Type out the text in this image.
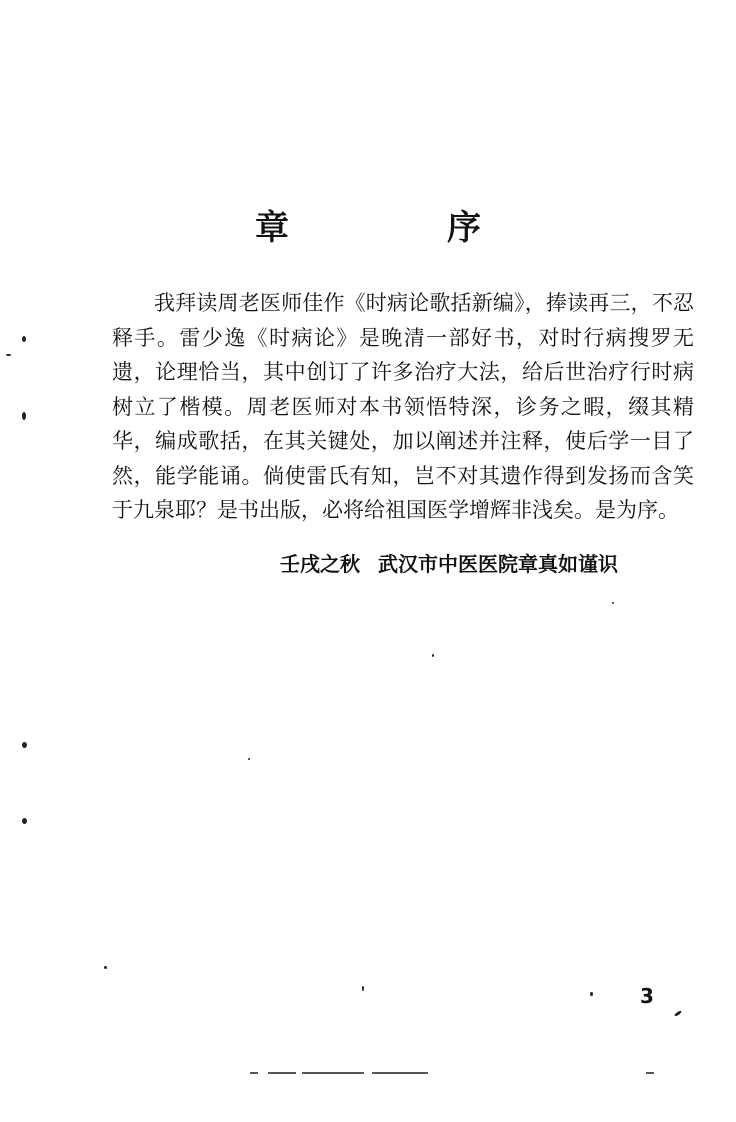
章　序

我拜读周老医师佳作《时病论歌括新编》，捧读再三，不忍释手。雷少逸《时病论》是晚清一部好书，对时行病搜罗无遗，论理恰当，其中创订了许多治疗大法，给后世治疗行时病树立了楷模。周老医师对本书领悟特深，诊务之暇，缀其精华，编成歌括，在其关键处，加以阐述并注释，使后学一目了然，能学能诵。倘使雷氏有知，岂不对其遗作得到发扬而含笑于九泉耶？是书出版，必将给祖国医学增辉非浅矣。是为序。

壬戌之秋 武汉市中医医院章真如谨识
3
